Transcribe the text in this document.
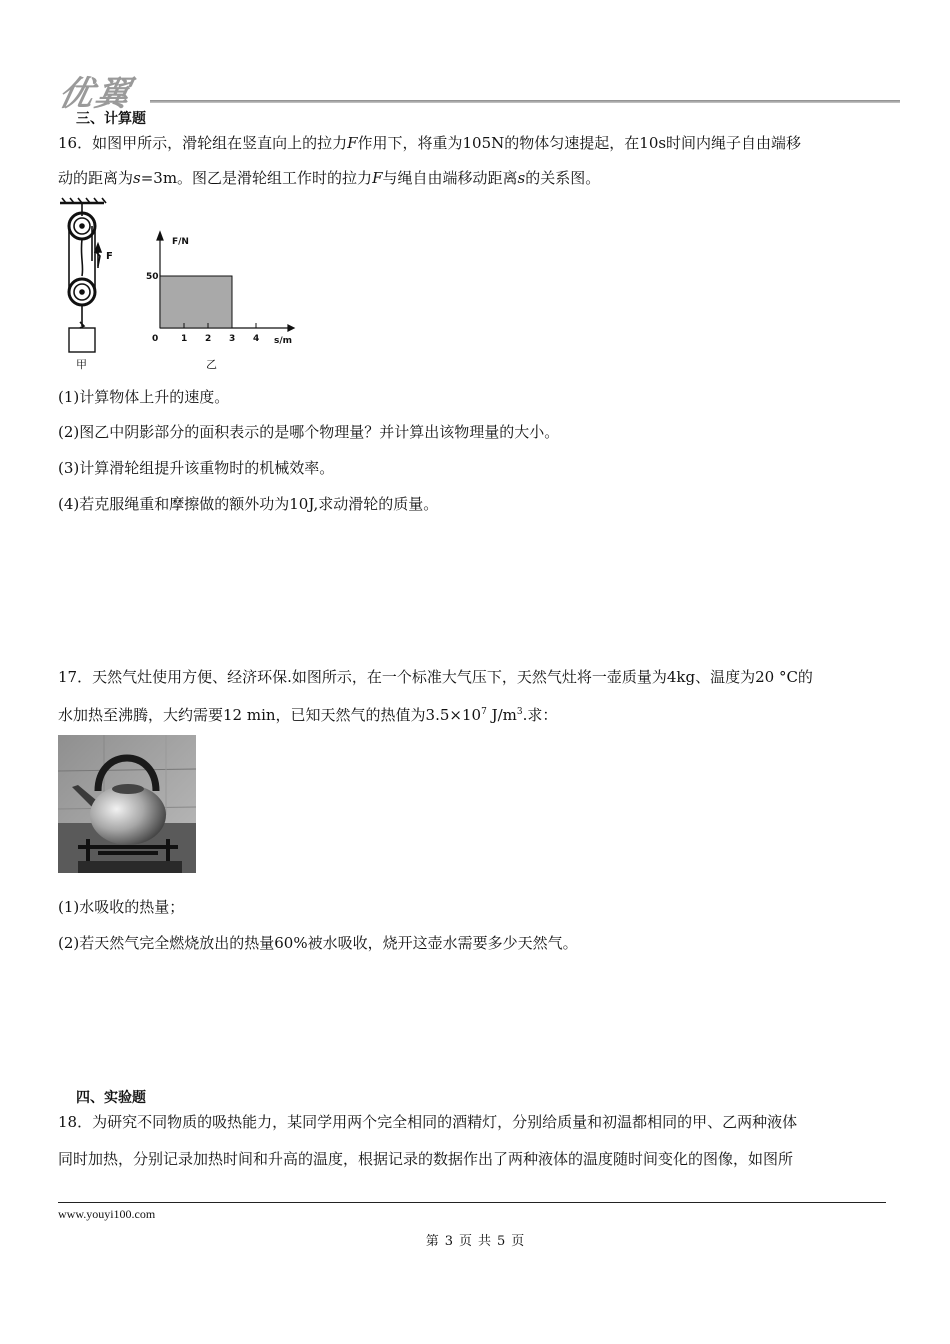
优翼
三、计算题
16．如图甲所示，滑轮组在竖直向上的拉力F作用下，将重为105N的物体匀速提起，在10s时间内绳子自由端移
动的距离为s=3m。图乙是滑轮组工作时的拉力F与绳自由端移动距离s的关系图。
F
甲
0	1 2 3 4
50
F/N
s/m
乙
(1)计算物体上升的速度。
(2)图乙中阴影部分的面积表示的是哪个物理量？并计算出该物理量的大小。
(3)计算滑轮组提升该重物时的机械效率。
(4)若克服绳重和摩擦做的额外功为10J,求动滑轮的质量。
17．天然气灶使用方便、经济环保.如图所示，在一个标准大气压下，天然气灶将一壶质量为4kg、温度为20 °C的
水加热至沸腾，大约需要12 min，已知天然气的热值为$3.5\times 10^7$ $J/m^3$.求：
(1)水吸收的热量；
(2)若天然气完全燃烧放出的热量60%被水吸收，烧开这壶水需要多少天然气。
四、实验题
18．为研究不同物质的吸热能力，某同学用两个完全相同的酒精灯，分别给质量和初温都相同的甲、乙两种液体
同时加热，分别记录加热时间和升高的温度，根据记录的数据作出了两种液体的温度随时间变化的图像，如图所
www.youyi100.com
第 3 页 共 5 页
